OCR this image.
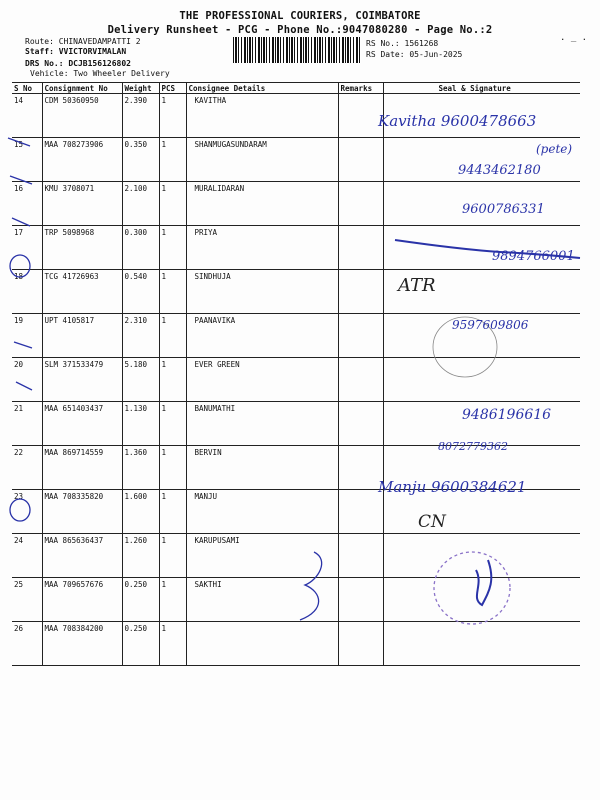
THE PROFESSIONAL COURIERS, COIMBATORE
Delivery Runsheet - PCG - Phone No.:9047080280 - Page No.:2
Route: CHINAVEDAMPATTI 2
Staff: VVICTORVIMALAN
DRS No.: DCJB156126802
Vehicle: Two Wheeler Delivery
RS No.: 1561268
RS Date: 05-Jun-2025
. _ .
S No	Consignment No	Weight	PCS	Consignee Details	Remarks	Seal & Signature
14	CDM 50360950	2.390	1	KAVITHA		
15	MAA 708273906	0.350	1	SHANMUGASUNDARAM		
16	KMU 3708071	2.100	1	MURALIDARAN		
17	TRP 5098968	0.300	1	PRIYA		
18	TCG 41726963	0.540	1	SINDHUJA		
19	UPT 4105817	2.310	1	PAANAVIKA		
20	SLM 371533479	5.180	1	EVER GREEN		
21	MAA 651403437	1.130	1	BANUMATHI		
22	MAA 869714559	1.360	1	BERVIN		
23	MAA 708335820	1.600	1	MANJU		
24	MAA 865636437	1.260	1	KARUPUSAMI		
25	MAA 709657676	0.250	1	SAKTHI		
26	MAA 708384200	0.250	1			
Kavitha 9600478663
(pete)
9443462180
9600786331
9894766001
ATR
9597609806
9486196616
8072779362
Manju 9600384621
CN
